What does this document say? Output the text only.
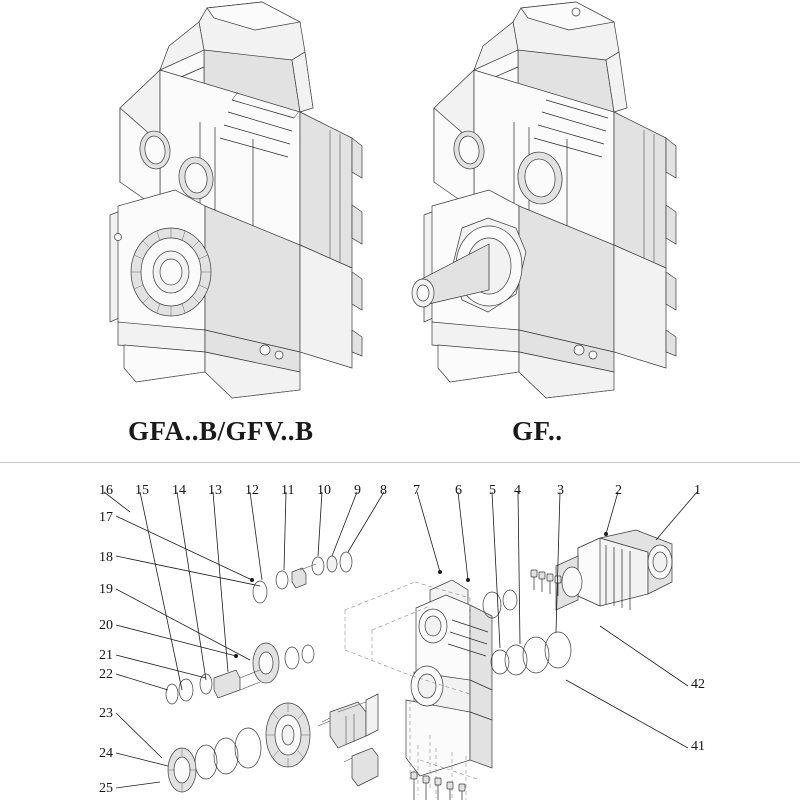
GFA..B/GFV..B	GF..
16 15 14 13 12 11 10 9 8 7	6 5 4	3	2	1
17
18
19
20
21
22
23
24
25
42
41
